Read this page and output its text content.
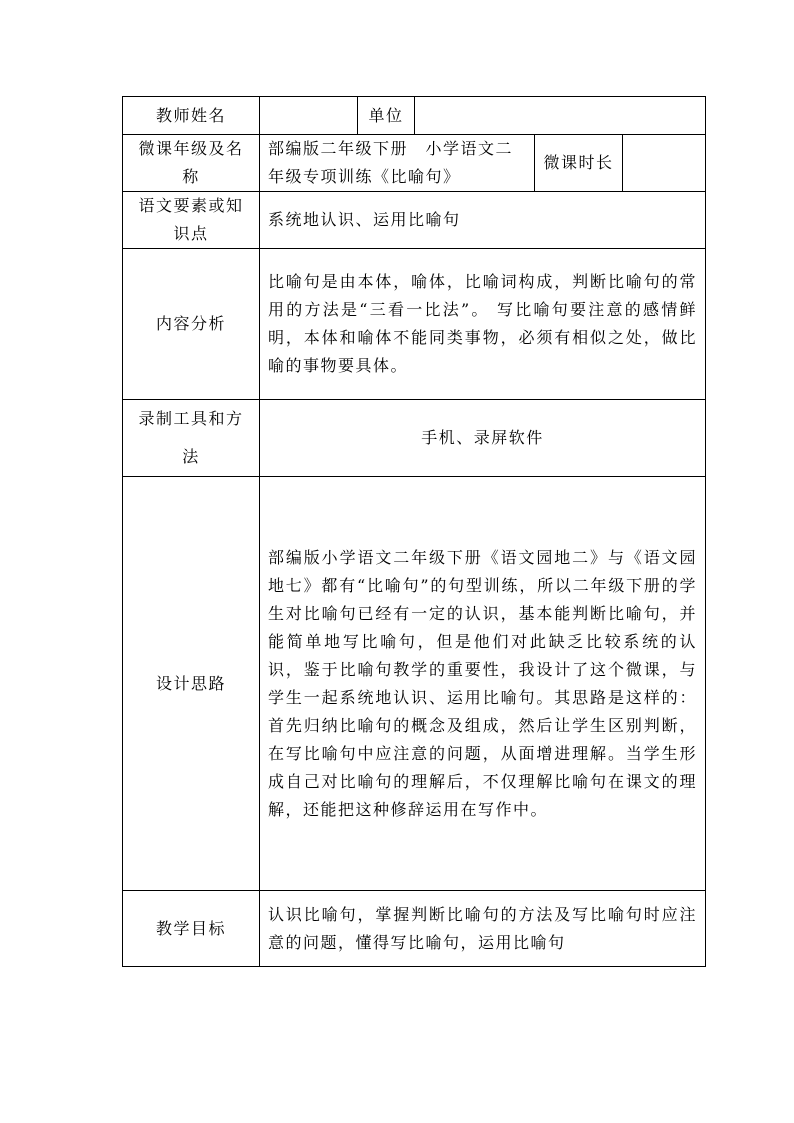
教师姓名		单位			
微课年级及名称	部编版二年级下册　小学语文二年级专项训练《比喻句》			微课时长	
语文要素或知识点	系统地认识、运用比喻句				
内容分析	比喻句是由本体，喻体，比喻词构成，判断比喻句的常用的方法是“三看一比法”。 写比喻句要注意的感情鲜明，本体和喻体不能同类事物，必须有相似之处，做比喻的事物要具体。				
录制工具和方法	手机、录屏软件				
设计思路	部编版小学语文二年级下册《语文园地二》与《语文园地七》都有“比喻句”的句型训练，所以二年级下册的学生对比喻句已经有一定的认识，基本能判断比喻句，并能简单地写比喻句，但是他们对此缺乏比较系统的认识，鉴于比喻句教学的重要性，我设计了这个微课，与学生一起系统地认识、运用比喻句。其思路是这样的：首先归纳比喻句的概念及组成，然后让学生区别判断，在写比喻句中应注意的问题，从面增进理解。当学生形成自己对比喻句的理解后，不仅理解比喻句在课文的理解，还能把这种修辞运用在写作中。				
教学目标	认识比喻句，掌握判断比喻句的方法及写比喻句时应注意的问题，懂得写比喻句，运用比喻句				
